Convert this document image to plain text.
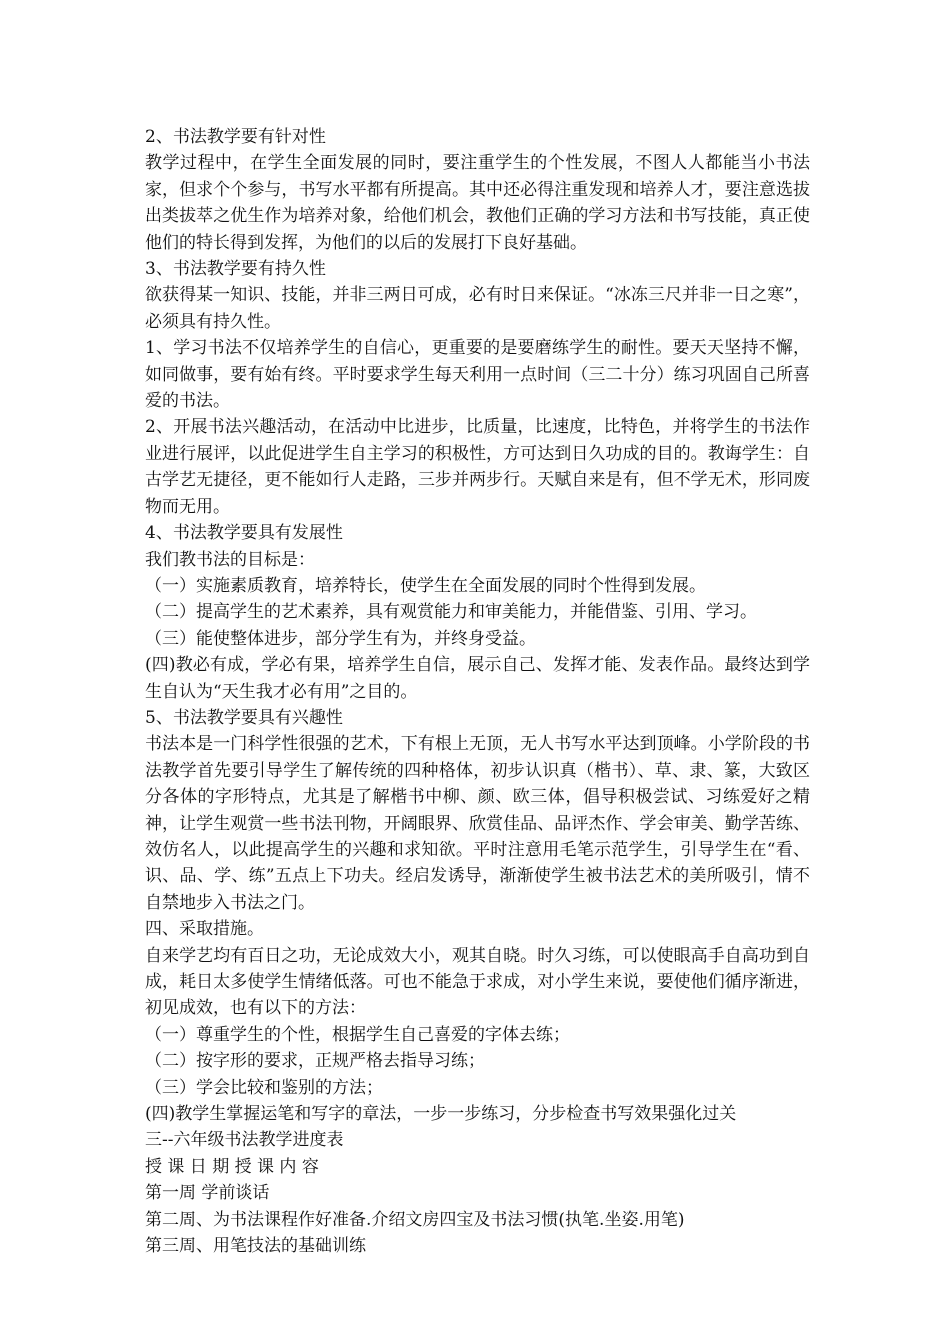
2、书法教学要有针对性

教学过程中，在学生全面发展的同时，要注重学生的个性发展，不图人人都能当小书法家，但求个个参与，书写水平都有所提高。其中还必得注重发现和培养人才，要注意选拔出类拔萃之优生作为培养对象，给他们机会，教他们正确的学习方法和书写技能，真正使他们的特长得到发挥，为他们的以后的发展打下良好基础。

3、书法教学要有持久性

欲获得某一知识、技能，并非三两日可成，必有时日来保证。“冰冻三尺并非一日之寒”，必须具有持久性。

1、学习书法不仅培养学生的自信心，更重要的是要磨练学生的耐性。要天天坚持不懈，如同做事，要有始有终。平时要求学生每天利用一点时间（三二十分）练习巩固自己所喜爱的书法。

2、开展书法兴趣活动，在活动中比进步，比质量，比速度，比特色，并将学生的书法作业进行展评，以此促进学生自主学习的积极性，方可达到日久功成的目的。教诲学生：自古学艺无捷径，更不能如行人走路，三步并两步行。天赋自来是有，但不学无术，形同废物而无用。

4、书法教学要具有发展性

我们教书法的目标是：

（一）实施素质教育，培养特长，使学生在全面发展的同时个性得到发展。

（二）提高学生的艺术素养，具有观赏能力和审美能力，并能借鉴、引用、学习。

（三）能使整体进步，部分学生有为，并终身受益。

(四)教必有成，学必有果，培养学生自信，展示自己、发挥才能、发表作品。最终达到学生自认为“天生我才必有用”之目的。

5、书法教学要具有兴趣性

书法本是一门科学性很强的艺术，下有根上无顶，无人书写水平达到顶峰。小学阶段的书法教学首先要引导学生了解传统的四种格体，初步认识真（楷书）、草、隶、篆，大致区分各体的字形特点，尤其是了解楷书中柳、颜、欧三体，倡导积极尝试、习练爱好之精神，让学生观赏一些书法刊物，开阔眼界、欣赏佳品、品评杰作、学会审美、勤学苦练、效仿名人，以此提高学生的兴趣和求知欲。平时注意用毛笔示范学生，引导学生在“看、识、品、学、练”五点上下功夫。经启发诱导，渐渐使学生被书法艺术的美所吸引，情不自禁地步入书法之门。

四、采取措施。

自来学艺均有百日之功，无论成效大小，观其自晓。时久习练，可以使眼高手自高功到自成，耗日太多使学生情绪低落。可也不能急于求成，对小学生来说，要使他们循序渐进，初见成效，也有以下的方法：

（一）尊重学生的个性，根据学生自己喜爱的字体去练；

（二）按字形的要求，正规严格去指导习练；

（三）学会比较和鉴别的方法；

(四)教学生掌握运笔和写字的章法，一步一步练习，分步检查书写效果强化过关

三--六年级书法教学进度表

授 课 日 期 授 课 内 容

第一周 学前谈话

第二周、为书法课程作好准备.介绍文房四宝及书法习惯(执笔.坐姿.用笔)

第三周、用笔技法的基础训练
